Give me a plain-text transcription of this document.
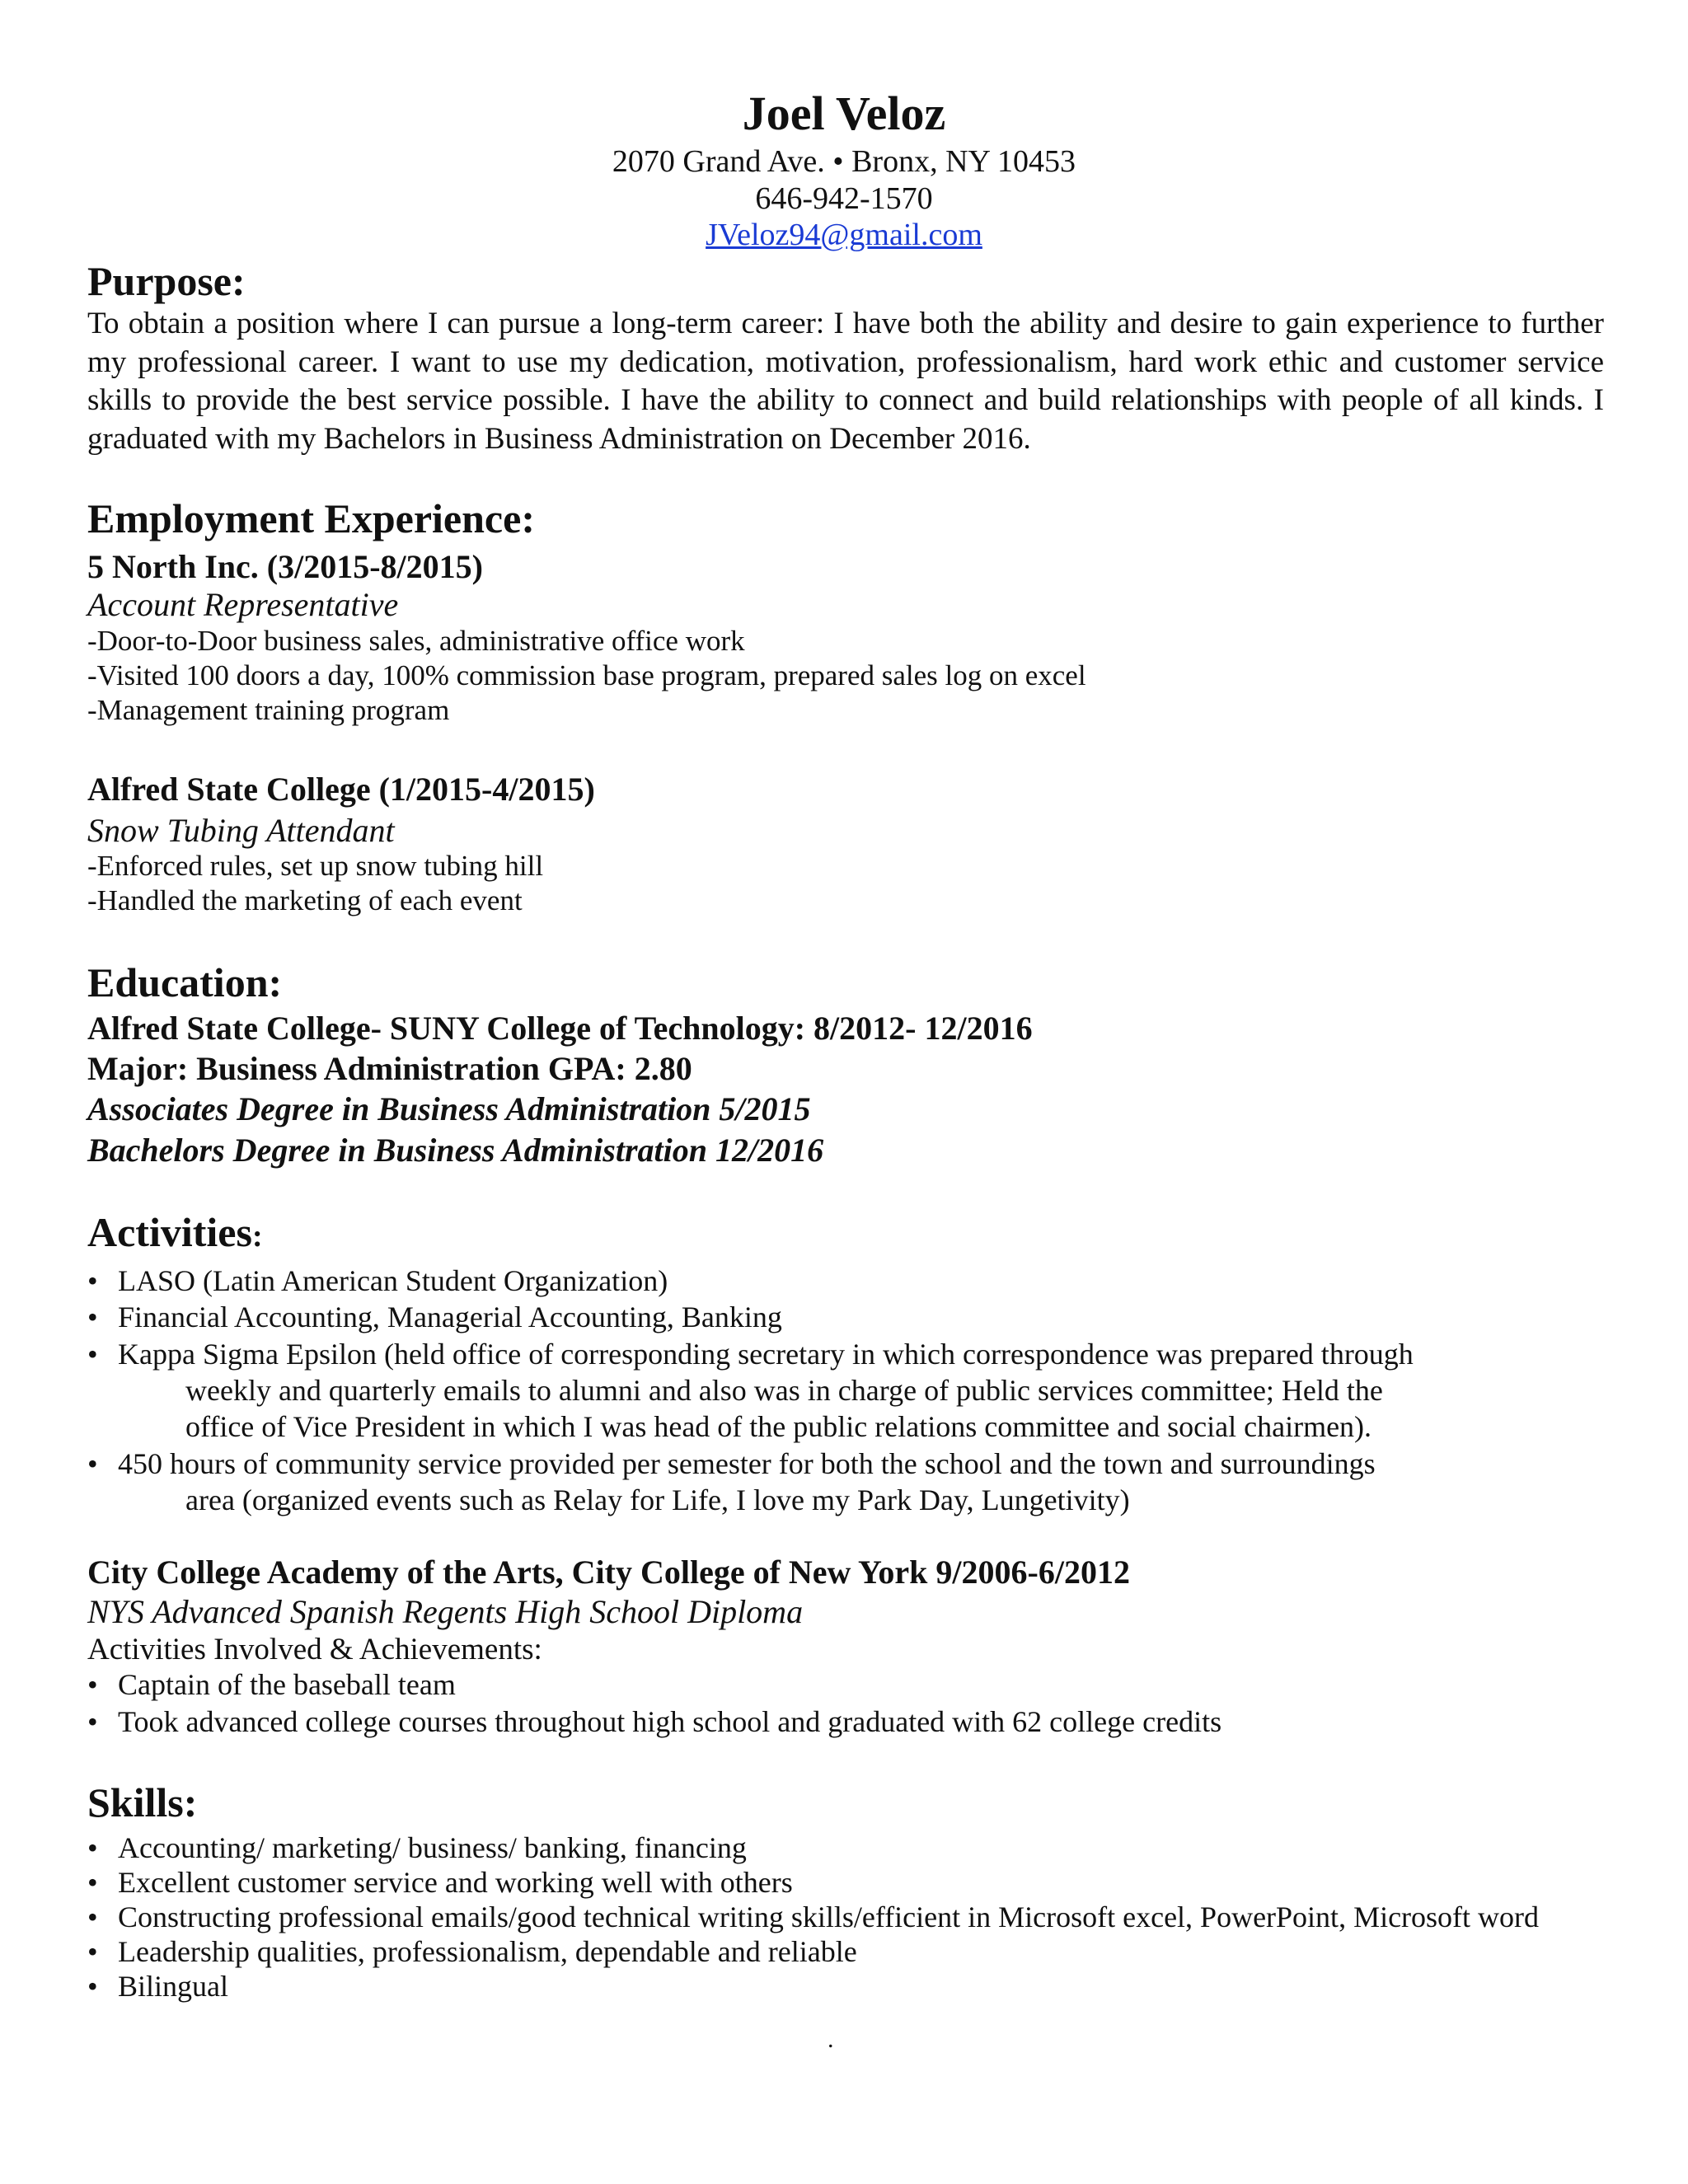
Joel Veloz
2070 Grand Ave. • Bronx, NY 10453
646-942-1570
JVeloz94@gmail.com
Purpose:
To obtain a position where I can pursue a long-term career: I have both the ability and desire to gain experience to further my professional career. I want to use my dedication, motivation, professionalism, hard work ethic and customer service skills to provide the best service possible. I have the ability to connect and build relationships with people of all kinds. I graduated with my Bachelors in Business Administration on December 2016.
Employment Experience:
5 North Inc. (3/2015-8/2015)
Account Representative
-Door-to-Door business sales, administrative office work
-Visited 100 doors a day, 100% commission base program, prepared sales log on excel
-Management training program
Alfred State College (1/2015-4/2015)
Snow Tubing Attendant
-Enforced rules, set up snow tubing hill
-Handled the marketing of each event
Education:
Alfred State College- SUNY College of Technology: 8/2012- 12/2016
Major: Business Administration GPA: 2.80
Associates Degree in Business Administration 5/2015
Bachelors Degree in Business Administration 12/2016
Activities:
• LASO (Latin American Student Organization)
• Financial Accounting, Managerial Accounting, Banking
• Kappa Sigma Epsilon (held office of corresponding secretary in which correspondence was prepared through
weekly and quarterly emails to alumni and also was in charge of public services committee; Held the
office of Vice President in which I was head of the public relations committee and social chairmen).
• 450 hours of community service provided per semester for both the school and the town and surroundings
area (organized events such as Relay for Life, I love my Park Day, Lungetivity)
City College Academy of the Arts, City College of New York 9/2006-6/2012
NYS Advanced Spanish Regents High School Diploma
Activities Involved & Achievements:
• Captain of the baseball team
• Took advanced college courses throughout high school and graduated with 62 college credits
Skills:
• Accounting/ marketing/ business/ banking, financing
• Excellent customer service and working well with others
• Constructing professional emails/good technical writing skills/efficient in Microsoft excel, PowerPoint, Microsoft word
• Leadership qualities, professionalism, dependable and reliable
• Bilingual
.
